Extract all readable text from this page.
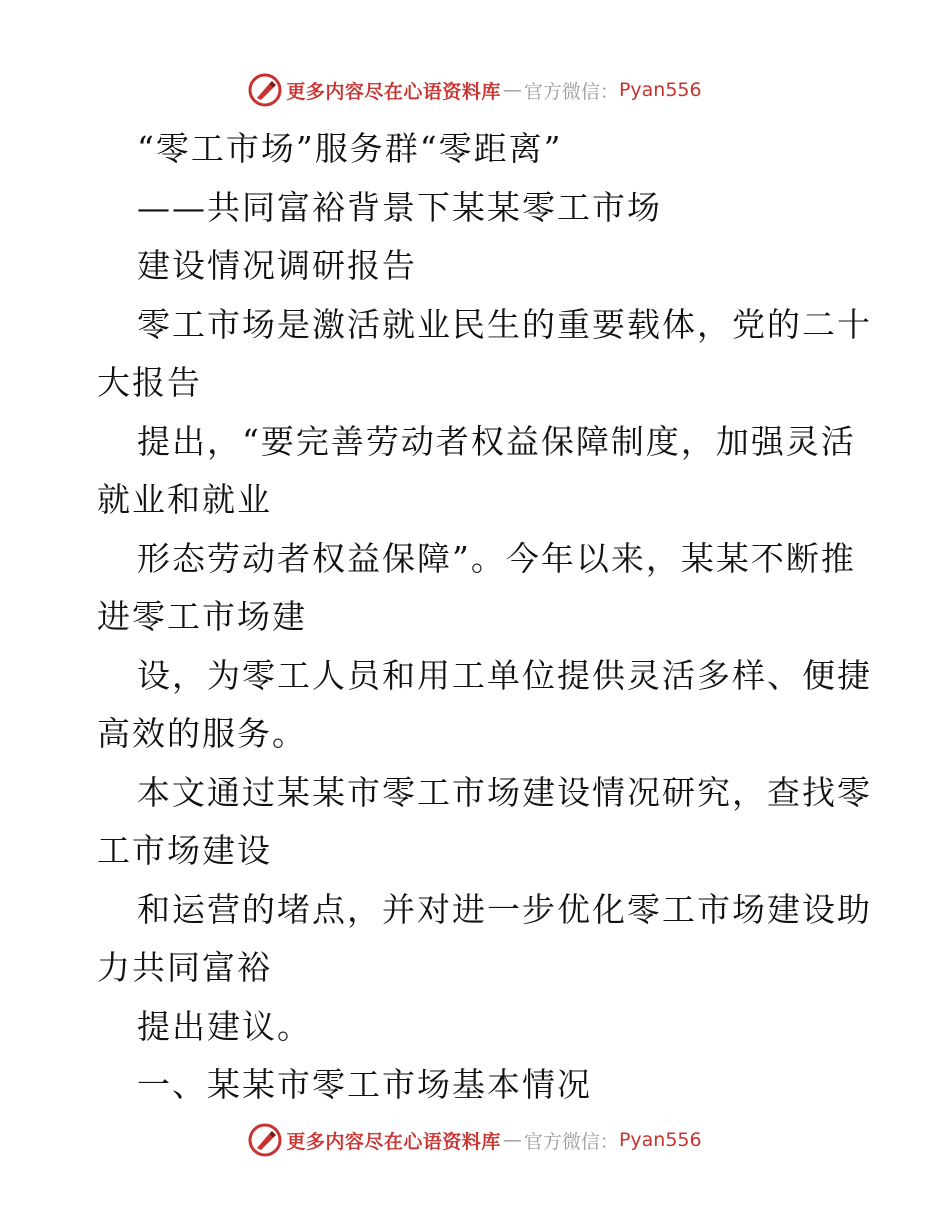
更多内容尽在心语资料库 — 官方微信： Pyan556
“零工市场”服务群“零距离”
——共同富裕背景下某某零工市场
建设情况调研报告
零工市场是激活就业民生的重要载体，党的二十
大报告
提出，“要完善劳动者权益保障制度，加强灵活
就业和就业
形态劳动者权益保障”。今年以来，某某不断推
进零工市场建
设，为零工人员和用工单位提供灵活多样、便捷
高效的服务。
本文通过某某市零工市场建设情况研究，查找零
工市场建设
和运营的堵点，并对进一步优化零工市场建设助
力共同富裕
提出建议。
一、某某市零工市场基本情况
更多内容尽在心语资料库 — 官方微信： Pyan556
